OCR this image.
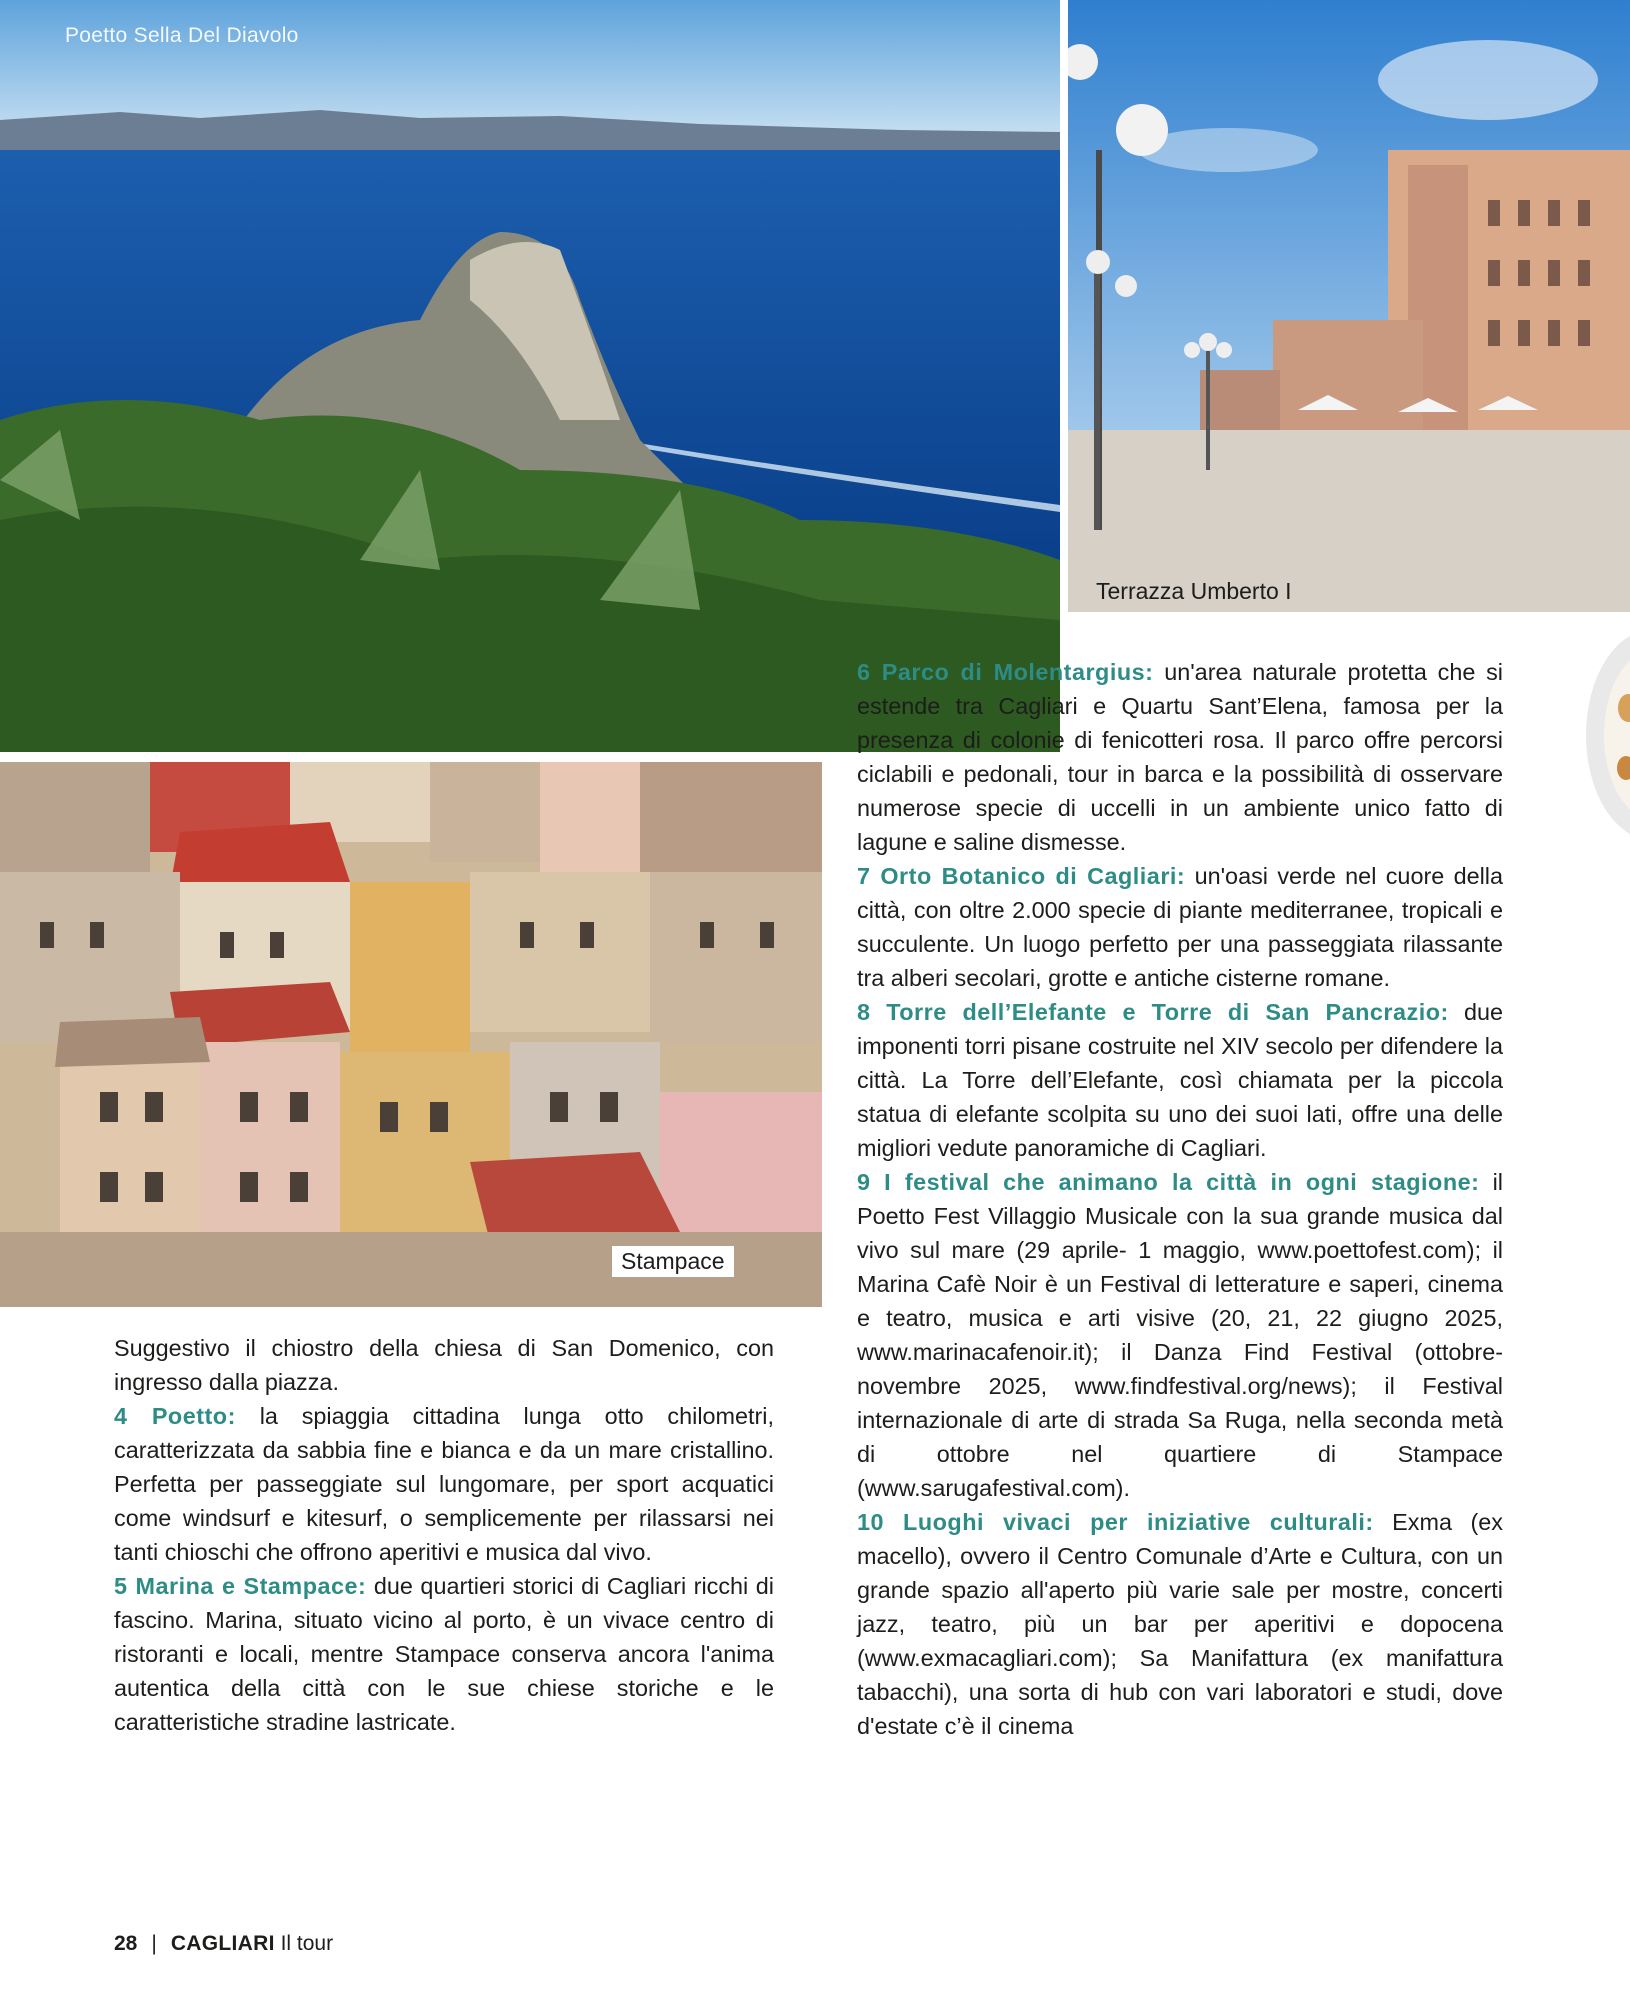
Poetto Sella Del Diavolo
Terrazza Umberto I
Stampace

Suggestivo il chiostro della chiesa di San Domenico, con ingresso dalla piazza.

4 Poetto: la spiaggia cittadina lunga otto chilometri, caratterizzata da sabbia fine e bianca e da un mare cristallino. Perfetta per passeggiate sul lungomare, per sport acquatici come windsurf e kitesurf, o semplicemente per rilassarsi nei tanti chioschi che offrono aperitivi e musica dal vivo.

5 Marina e Stampace: due quartieri storici di Cagliari ricchi di fascino. Marina, situato vicino al porto, è un vivace centro di ristoranti e locali, mentre Stampace conserva ancora l'anima autentica della città con le sue chiese storiche e le caratteristiche stradine lastricate.

6 Parco di Molentargius: un'area naturale protetta che si estende tra Cagliari e Quartu Sant’Elena, famosa per la presenza di colonie di fenicotteri rosa. Il parco offre percorsi ciclabili e pedonali, tour in barca e la possibilità di osservare numerose specie di uccelli in un ambiente unico fatto di lagune e saline dismesse.

7 Orto Botanico di Cagliari: un'oasi verde nel cuore della città, con oltre 2.000 specie di piante mediterranee, tropicali e succulente. Un luogo perfetto per una passeggiata rilassante tra alberi secolari, grotte e antiche cisterne romane.

8 Torre dell’Elefante e Torre di San Pancrazio: due imponenti torri pisane costruite nel XIV secolo per difendere la città. La Torre dell’Elefante, così chiamata per la piccola statua di elefante scolpita su uno dei suoi lati, offre una delle migliori vedute panoramiche di Cagliari.

9 I festival che animano la città in ogni stagione: il Poetto Fest Villaggio Musicale con la sua grande musica dal vivo sul mare (29 aprile- 1 maggio, www.poettofest.com); il Marina Cafè Noir è un Festival di letterature e saperi, cinema e teatro, musica e arti visive (20, 21, 22 giugno 2025, www.marinacafenoir.it); il Danza Find Festival (ottobre-novembre 2025, www.findfestival.org/news); il Festival internazionale di arte di strada Sa Ruga, nella seconda metà di ottobre nel quartiere di Stampace (www.sarugafestival.com).

10 Luoghi vivaci per iniziative culturali: Exma (ex macello), ovvero il Centro Comunale d’Arte e Cultura, con un grande spazio all'aperto più varie sale per mostre, concerti jazz, teatro, più un bar per aperitivi e dopocena (www.exmacagliari.com); Sa Manifattura (ex manifattura tabacchi), una sorta di hub con vari laboratori e studi, dove d'estate c’è il cinema

28 | CAGLIARI Il tour
